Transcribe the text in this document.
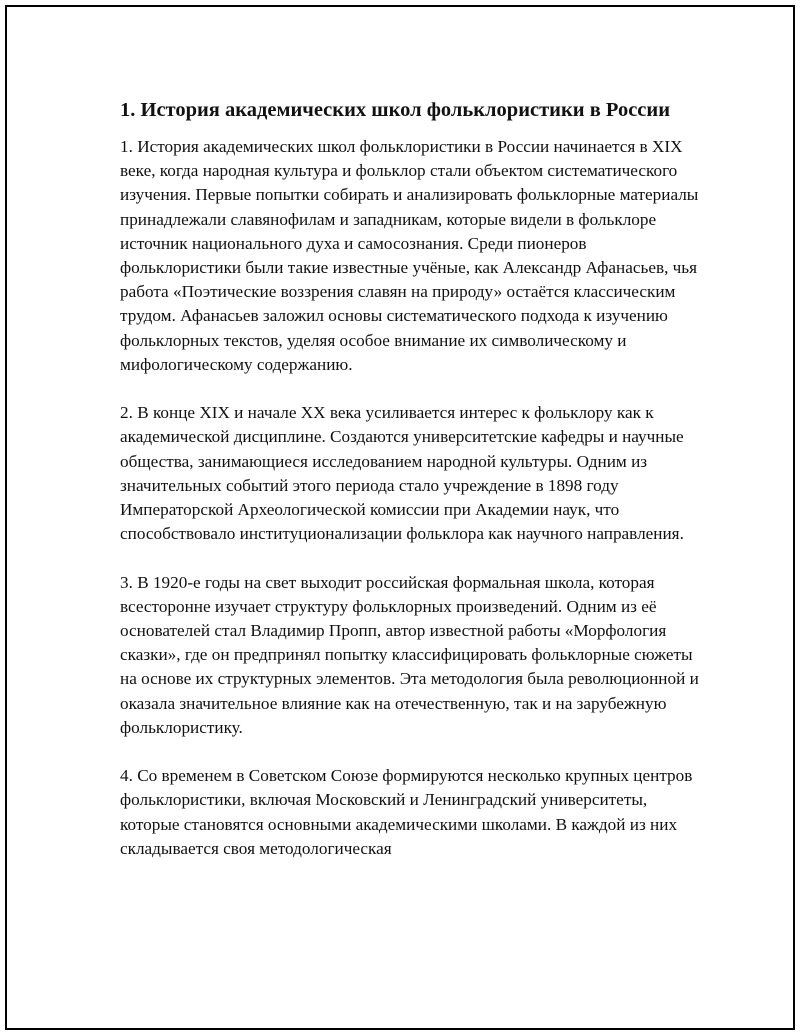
1. История академических школ фольклористики в России

1. История академических школ фольклористики в России начинается в XIX веке, когда народная культура и фольклор стали объектом систематического изучения. Первые попытки собирать и анализировать фольклорные материалы принадлежали славянофилам и западникам, которые видели в фольклоре источник национального духа и самосознания. Среди пионеров фольклористики были такие известные учёные, как Александр Афанасьев, чья работа «Поэтические воззрения славян на природу» остаётся классическим трудом. Афанасьев заложил основы систематического подхода к изучению фольклорных текстов, уделяя особое внимание их символическому и мифологическому содержанию.

2. В конце XIX и начале XX века усиливается интерес к фольклору как к академической дисциплине. Создаются университетские кафедры и научные общества, занимающиеся исследованием народной культуры. Одним из значительных событий этого периода стало учреждение в 1898 году Императорской Археологической комиссии при Академии наук, что способствовало институционализации фольклора как научного направления.

3. В 1920-е годы на свет выходит российская формальная школа, которая всесторонне изучает структуру фольклорных произведений. Одним из её основателей стал Владимир Пропп, автор известной работы «Морфология сказки», где он предпринял попытку классифицировать фольклорные сюжеты на основе их структурных элементов. Эта методология была революционной и оказала значительное влияние как на отечественную, так и на зарубежную фольклористику.

4. Со временем в Советском Союзе формируются несколько крупных центров фольклористики, включая Московский и Ленинградский университеты, которые становятся основными академическими школами. В каждой из них складывается своя методологическая
